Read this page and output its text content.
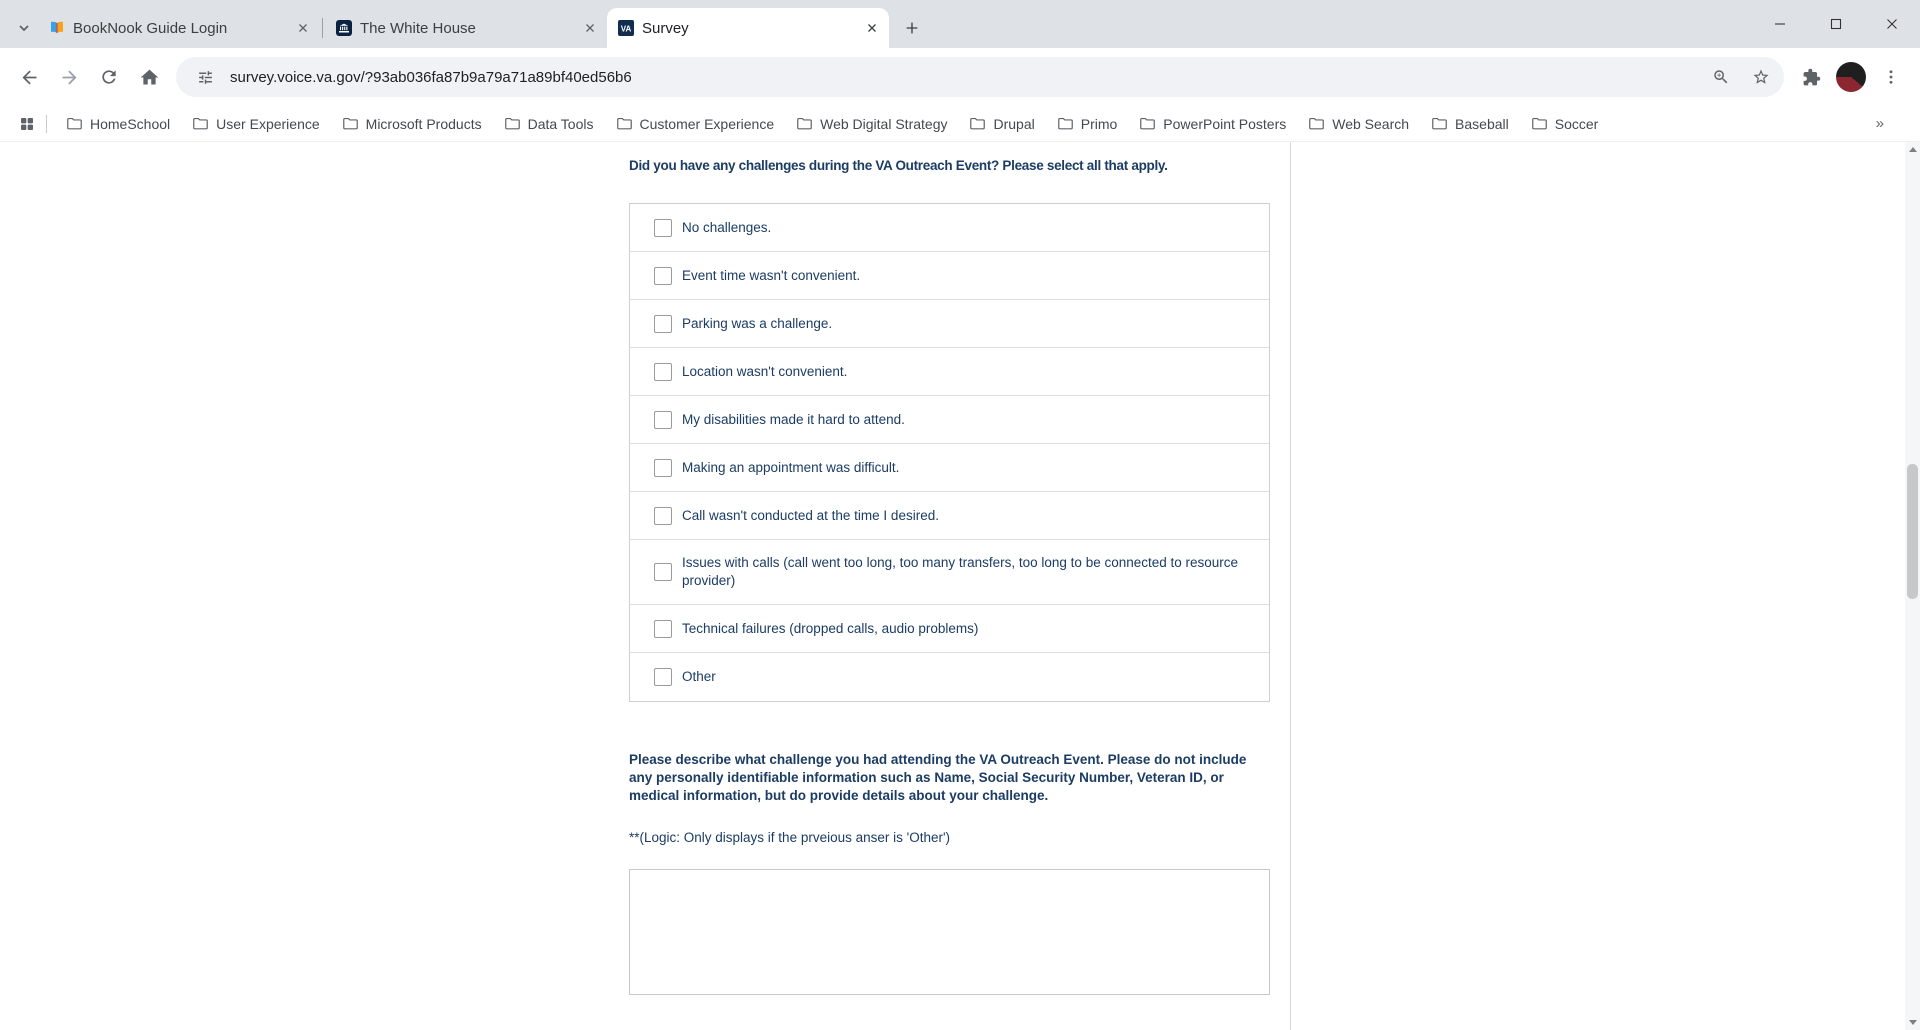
BookNook Guide Login	The White House	VA Survey
survey.voice.va.gov/?93ab036fa87b9a79a71a89bf40ed56b6
HomeSchool	User Experience	Microsoft Products	Data Tools	Customer Experience	Web Digital Strategy	Drupal	Primo	PowerPoint Posters	Web Search	Baseball	Soccer	»
Did you have any challenges during the VA Outreach Event? Please select all that apply.
No challenges.
Event time wasn't convenient.
Parking was a challenge.
Location wasn't convenient.
My disabilities made it hard to attend.
Making an appointment was difficult.
Call wasn't conducted at the time I desired.
Issues with calls (call went too long, too many transfers, too long to be connected to resource provider)
Technical failures (dropped calls, audio problems)
Other
Please describe what challenge you had attending the VA Outreach Event. Please do not include any personally identifiable information such as Name, Social Security Number, Veteran ID, or medical information, but do provide details about your challenge.
**(Logic: Only displays if the prveious anser is 'Other')
